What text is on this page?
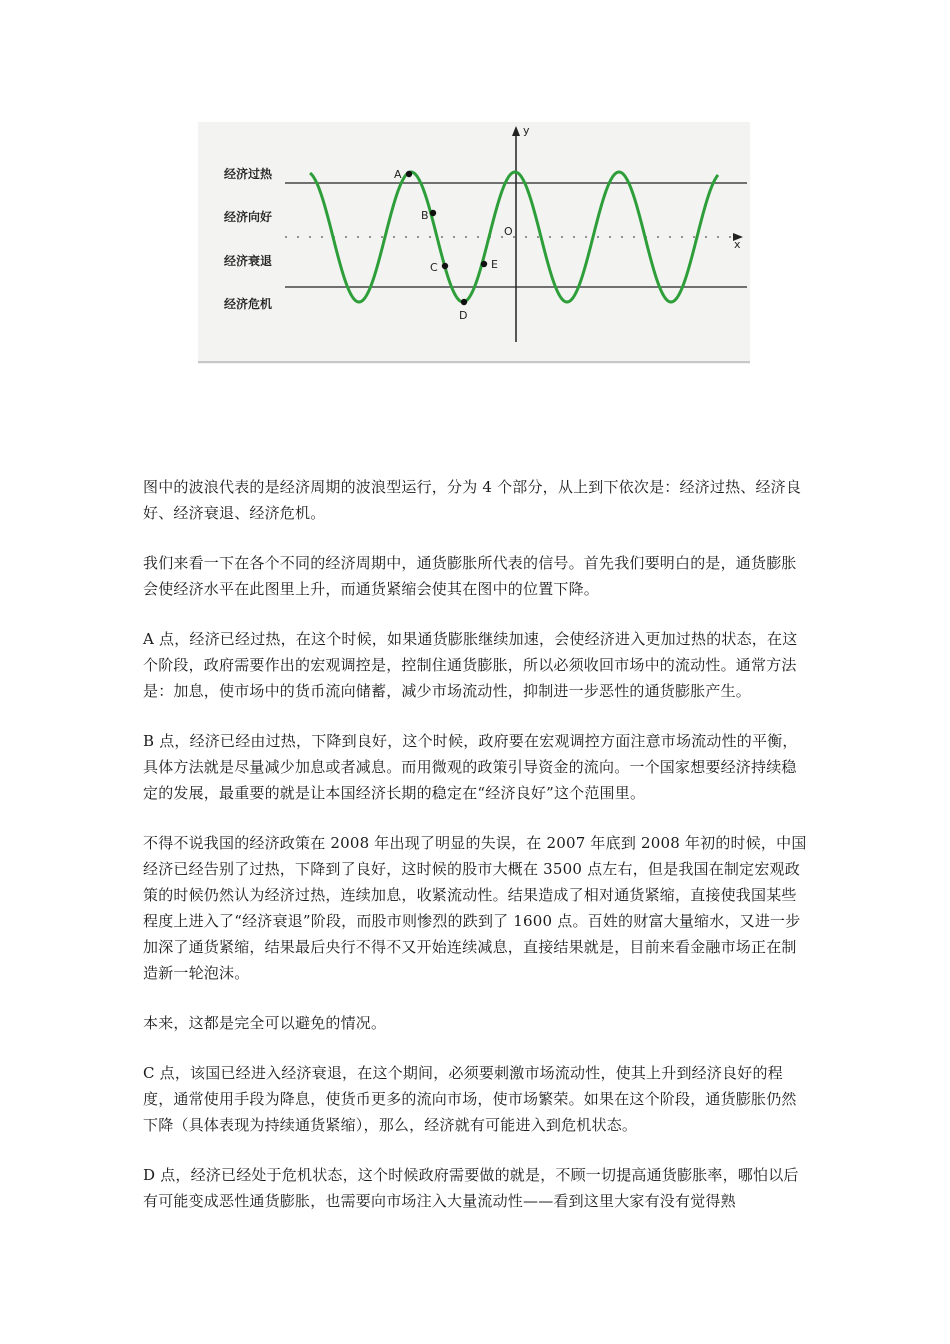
y
x
O
经济过热
经济向好
经济衰退
经济危机
A
B
C
D
E

图中的波浪代表的是经济周期的波浪型运行，分为 4 个部分，从上到下依次是：经济过热、经济良好、经济衰退、经济危机。

我们来看一下在各个不同的经济周期中，通货膨胀所代表的信号。首先我们要明白的是，通货膨胀会使经济水平在此图里上升，而通货紧缩会使其在图中的位置下降。

A 点，经济已经过热，在这个时候，如果通货膨胀继续加速，会使经济进入更加过热的状态，在这个阶段，政府需要作出的宏观调控是，控制住通货膨胀，所以必须收回市场中的流动性。通常方法是：加息，使市场中的货币流向储蓄，减少市场流动性，抑制进一步恶性的通货膨胀产生。

B 点，经济已经由过热，下降到良好，这个时候，政府要在宏观调控方面注意市场流动性的平衡，具体方法就是尽量减少加息或者减息。而用微观的政策引导资金的流向。一个国家想要经济持续稳定的发展，最重要的就是让本国经济长期的稳定在“经济良好”这个范围里。

不得不说我国的经济政策在 2008 年出现了明显的失误，在 2007 年底到 2008 年初的时候，中国经济已经告别了过热，下降到了良好，这时候的股市大概在 3500 点左右，但是我国在制定宏观政策的时候仍然认为经济过热，连续加息，收紧流动性。结果造成了相对通货紧缩，直接使我国某些程度上进入了“经济衰退”阶段，而股市则惨烈的跌到了 1600 点。百姓的财富大量缩水，又进一步加深了通货紧缩，结果最后央行不得不又开始连续减息，直接结果就是，目前来看金融市场正在制造新一轮泡沫。

本来，这都是完全可以避免的情况。

C 点，该国已经进入经济衰退，在这个期间，必须要刺激市场流动性，使其上升到经济良好的程度，通常使用手段为降息，使货币更多的流向市场，使市场繁荣。如果在这个阶段，通货膨胀仍然下降（具体表现为持续通货紧缩），那么，经济就有可能进入到危机状态。

D 点，经济已经处于危机状态，这个时候政府需要做的就是，不顾一切提高通货膨胀率，哪怕以后有可能变成恶性通货膨胀，也需要向市场注入大量流动性——看到这里大家有没有觉得熟
